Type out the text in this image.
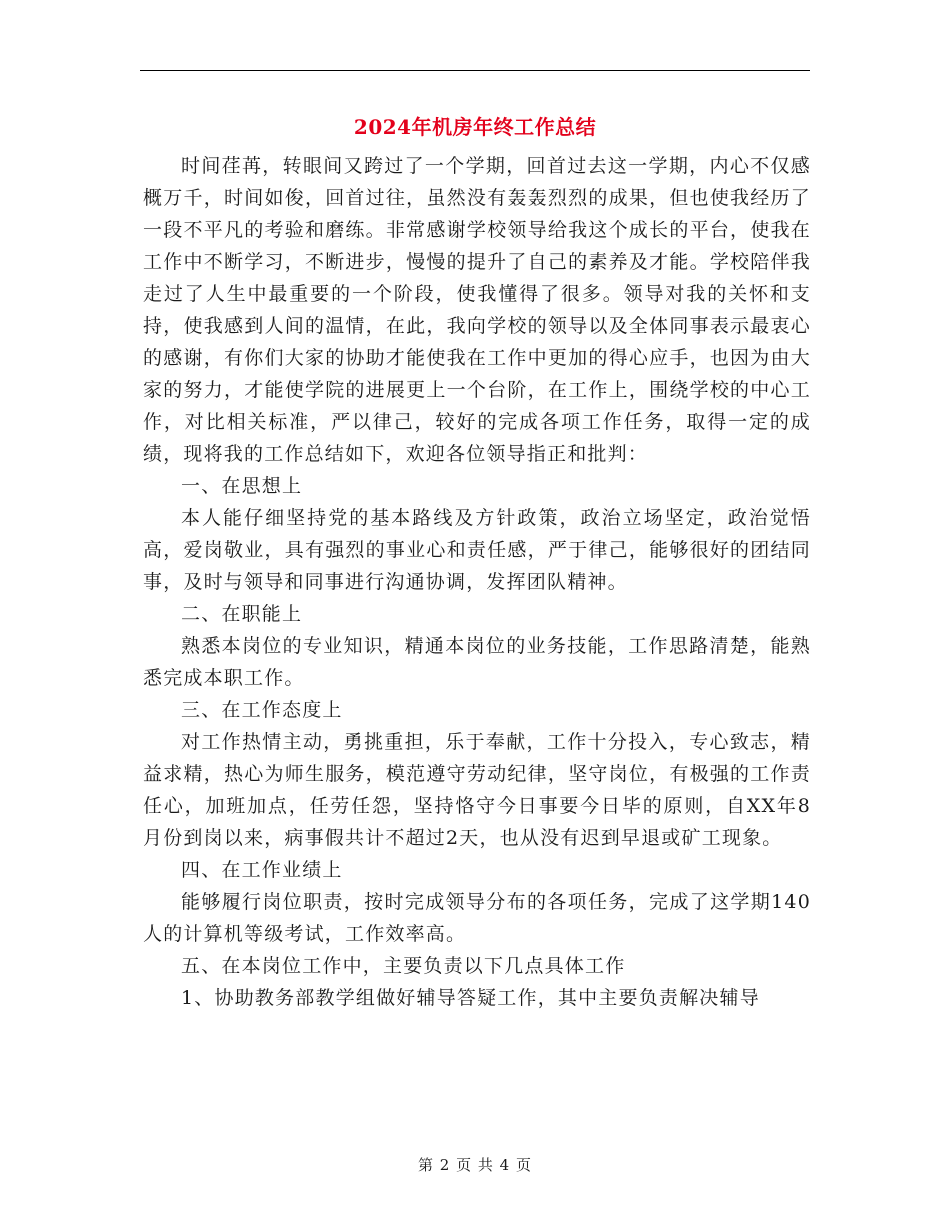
2024年机房年终工作总结

时间荏苒，转眼间又跨过了一个学期，回首过去这一学期，内心不仅感概万千，时间如俊，回首过往，虽然没有轰轰烈烈的成果，但也使我经历了一段不平凡的考验和磨练。非常感谢学校领导给我这个成长的平台，使我在工作中不断学习，不断进步，慢慢的提升了自己的素养及才能。学校陪伴我走过了人生中最重要的一个阶段，使我懂得了很多。领导对我的关怀和支持，使我感到人间的温情，在此，我向学校的领导以及全体同事表示最衷心的感谢，有你们大家的协助才能使我在工作中更加的得心应手，也因为由大家的努力，才能使学院的进展更上一个台阶，在工作上，围绕学校的中心工作，对比相关标准，严以律己，较好的完成各项工作任务，取得一定的成绩，现将我的工作总结如下，欢迎各位领导指正和批判：

一、在思想上

本人能仔细坚持党的基本路线及方针政策，政治立场坚定，政治觉悟高，爱岗敬业，具有强烈的事业心和责任感，严于律己，能够很好的团结同事，及时与领导和同事进行沟通协调，发挥团队精神。

二、在职能上

熟悉本岗位的专业知识，精通本岗位的业务技能，工作思路清楚，能熟悉完成本职工作。

三、在工作态度上

对工作热情主动，勇挑重担，乐于奉献，工作十分投入，专心致志，精益求精，热心为师生服务，模范遵守劳动纪律，坚守岗位，有极强的工作责任心，加班加点，任劳任怨，坚持恪守今日事要今日毕的原则，自XX年8月份到岗以来，病事假共计不超过2天，也从没有迟到早退或矿工现象。

四、在工作业绩上

能够履行岗位职责，按时完成领导分布的各项任务，完成了这学期140人的计算机等级考试，工作效率高。

五、在本岗位工作中，主要负责以下几点具体工作

1、协助教务部教学组做好辅导答疑工作，其中主要负责解决辅导

第 2 页 共 4 页
